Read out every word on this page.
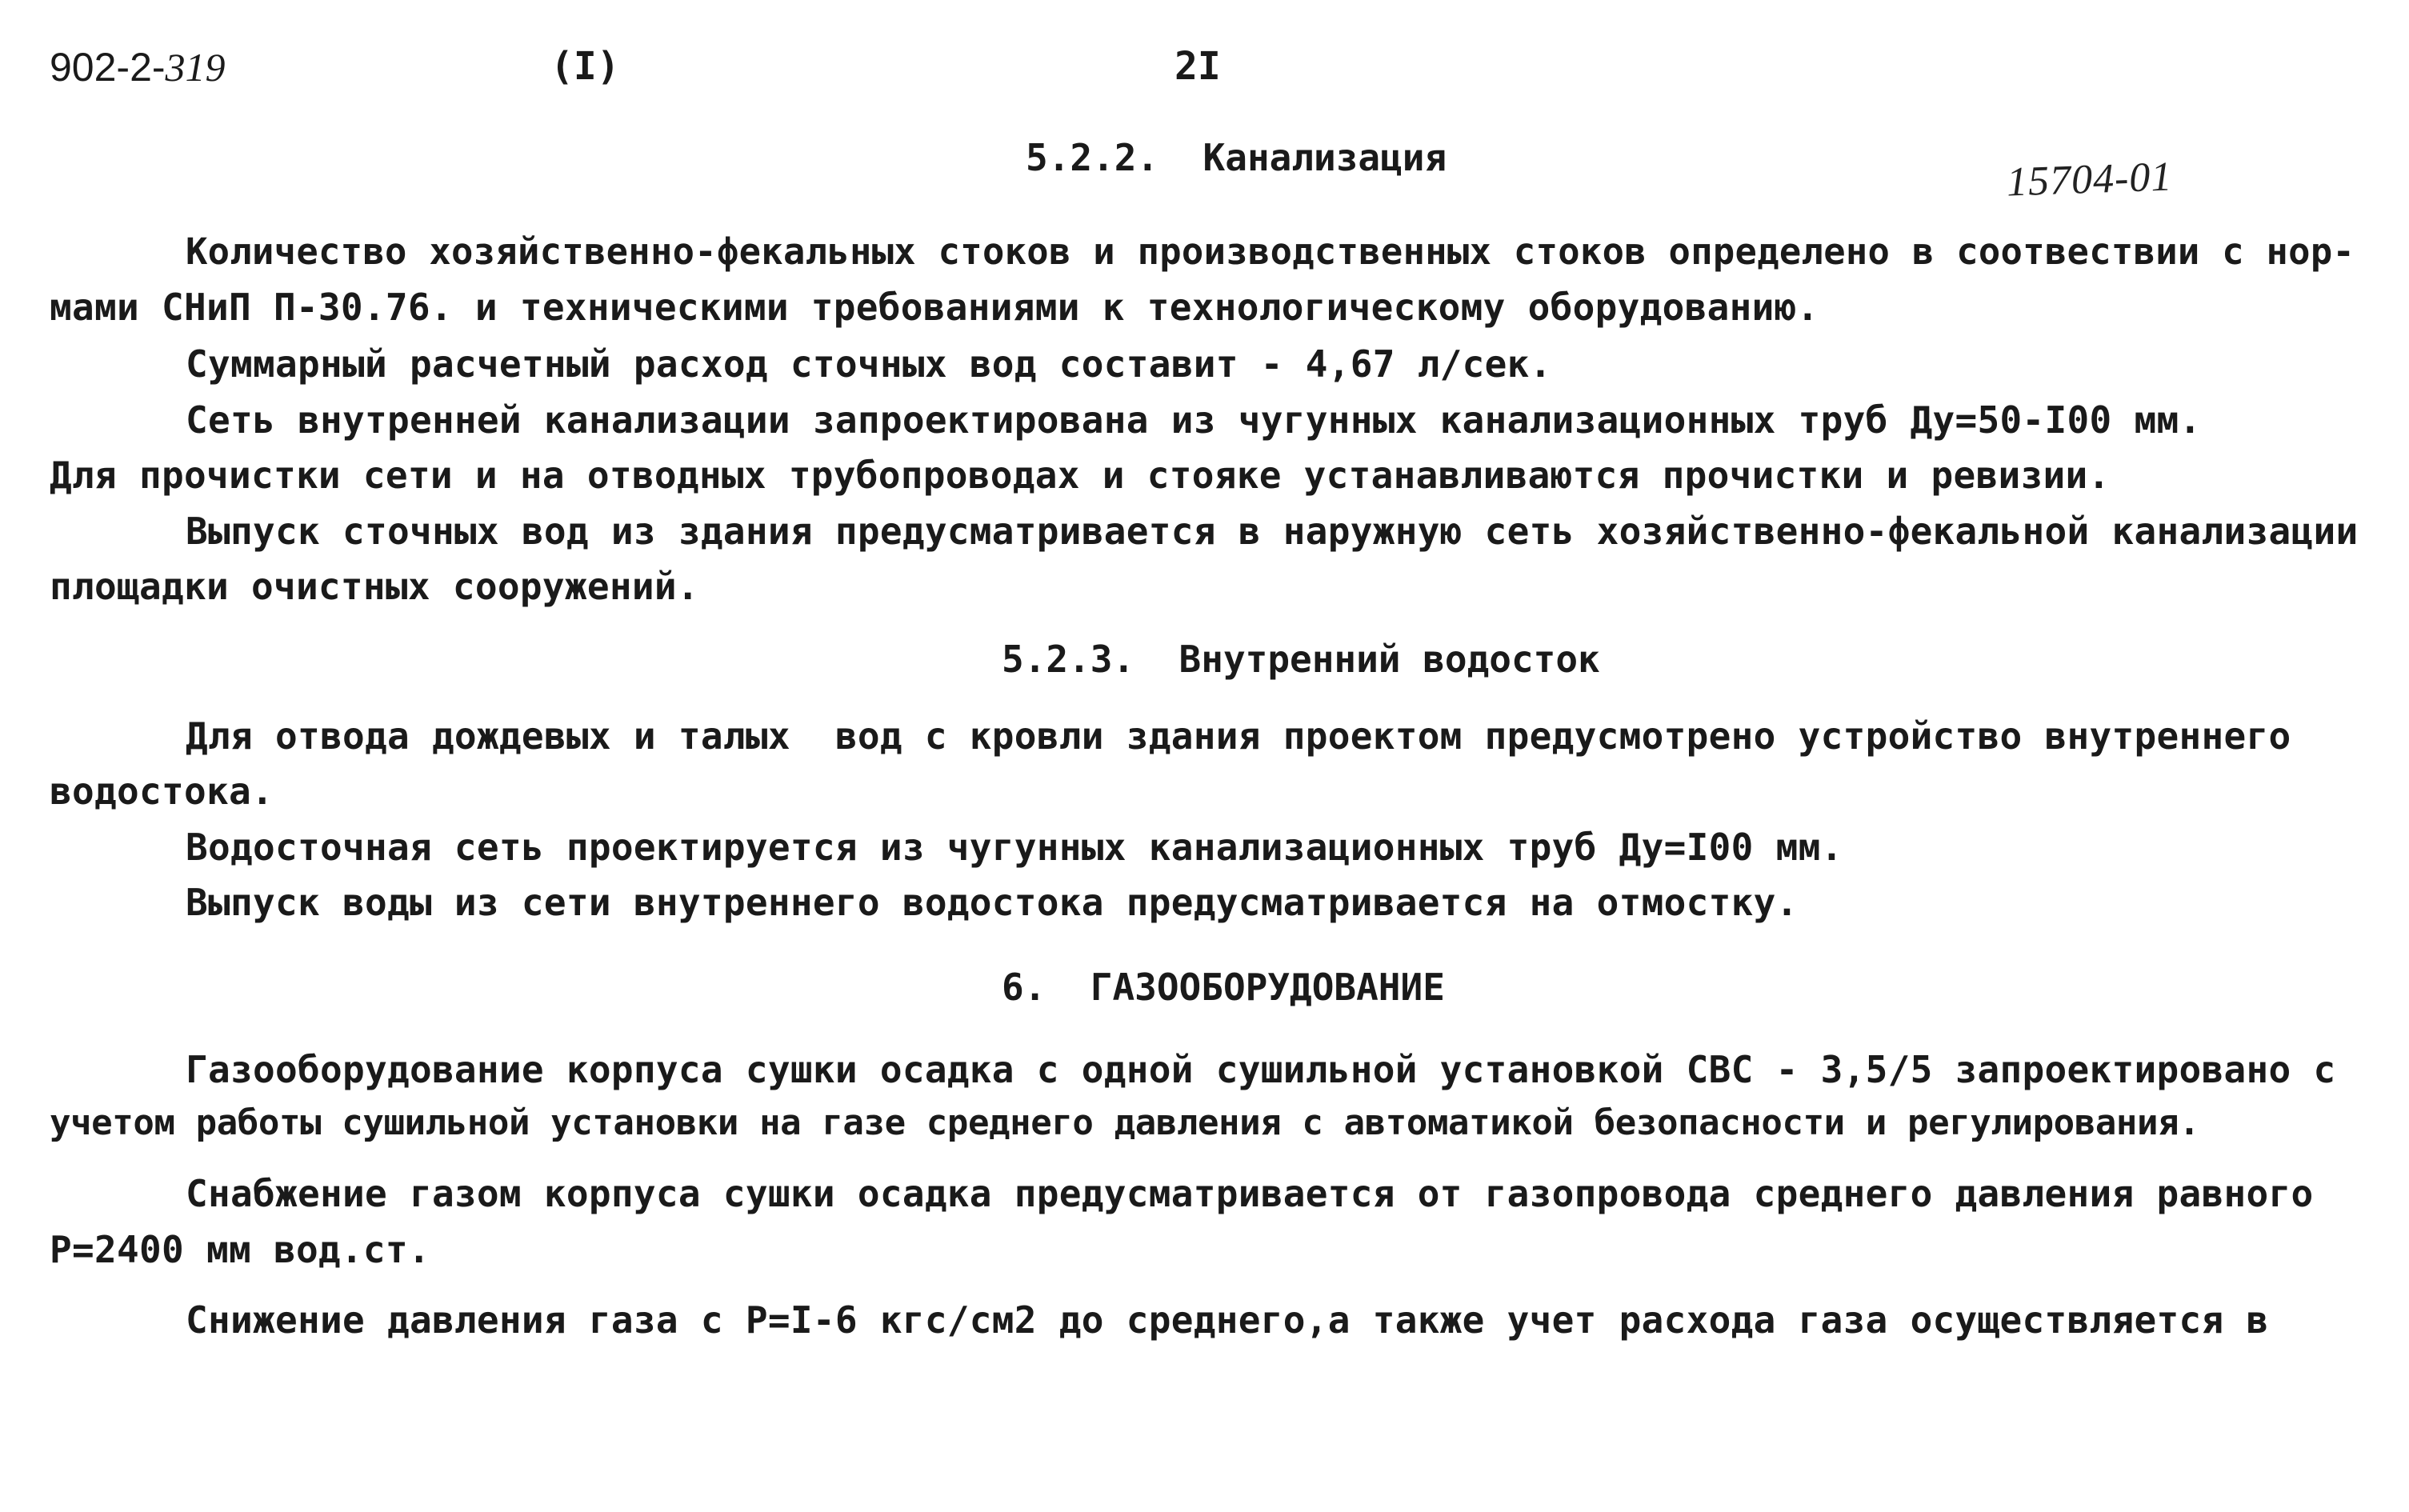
902-2-319	(I)	2I
15704-01
5.2.2.  Канализация

Количество хозяйственно-фекальных стоков и производственных стоков определено в соотвествии с нор-

мами СНиП П-30.76. и техническими требованиями к технологическому оборудованию.

Суммарный расчетный расход сточных вод составит - 4,67 л/сек.

Сеть внутренней канализации запроектирована из чугунных канализационных труб Ду=50-I00 мм.

Для прочистки сети и на отводных трубопроводах и стояке устанавливаются прочистки и ревизии.

Выпуск сточных вод из здания предусматривается в наружную сеть хозяйственно-фекальной канализации

площадки очистных сооружений.

5.2.3.  Внутренний водосток

Для отвода дождевых и талых  вод с кровли здания проектом предусмотрено устройство внутреннего

водостока.

Водосточная сеть проектируется из чугунных канализационных труб Ду=I00 мм.

Выпуск воды из сети внутреннего водостока предусматривается на отмостку.

6.  ГАЗООБОРУДОВАНИЕ

Газооборудование корпуса сушки осадка с одной сушильной установкой СВС - 3,5/5 запроектировано с

учетом работы сушильной установки на газе среднего давления с автоматикой безопасности и регулирования.

Снабжение газом корпуса сушки осадка предусматривается от газопровода среднего давления равного

Р=2400 мм вод.ст.

Снижение давления газа с Р=I-6 кгс/см2 до среднего,а также учет расхода газа осуществляется в
